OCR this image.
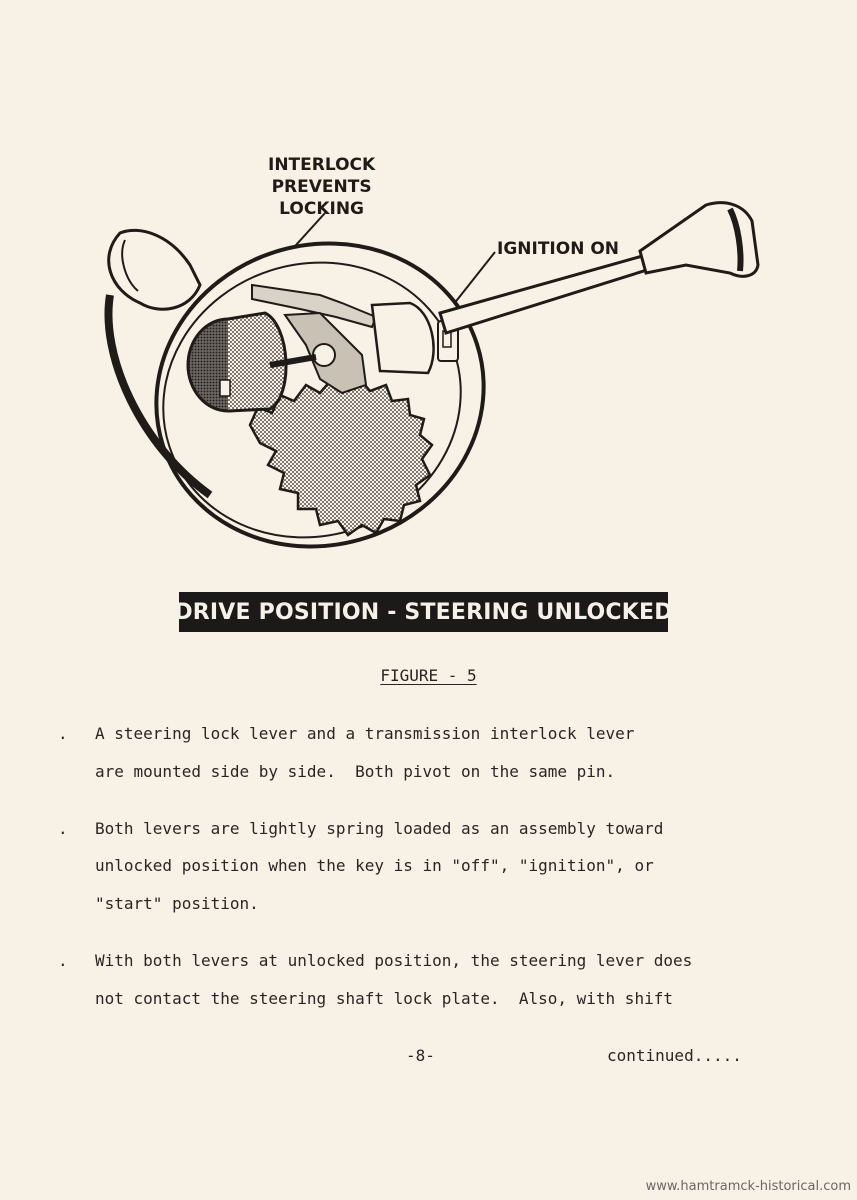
INTERLOCK
PREVENTS
LOCKING
IGNITION ON
DRIVE POSITION - STEERING UNLOCKED
FIGURE - 5
. A steering lock lever and a transmission interlock lever
are mounted side by side.  Both pivot on the same pin.
. Both levers are lightly spring loaded as an assembly toward
unlocked position when the key is in "off", "ignition", or
"start" position.
. With both levers at unlocked position, the steering lever does
not contact the steering shaft lock plate.  Also, with shift
-8-	continued.....
www.hamtramck-historical.com
